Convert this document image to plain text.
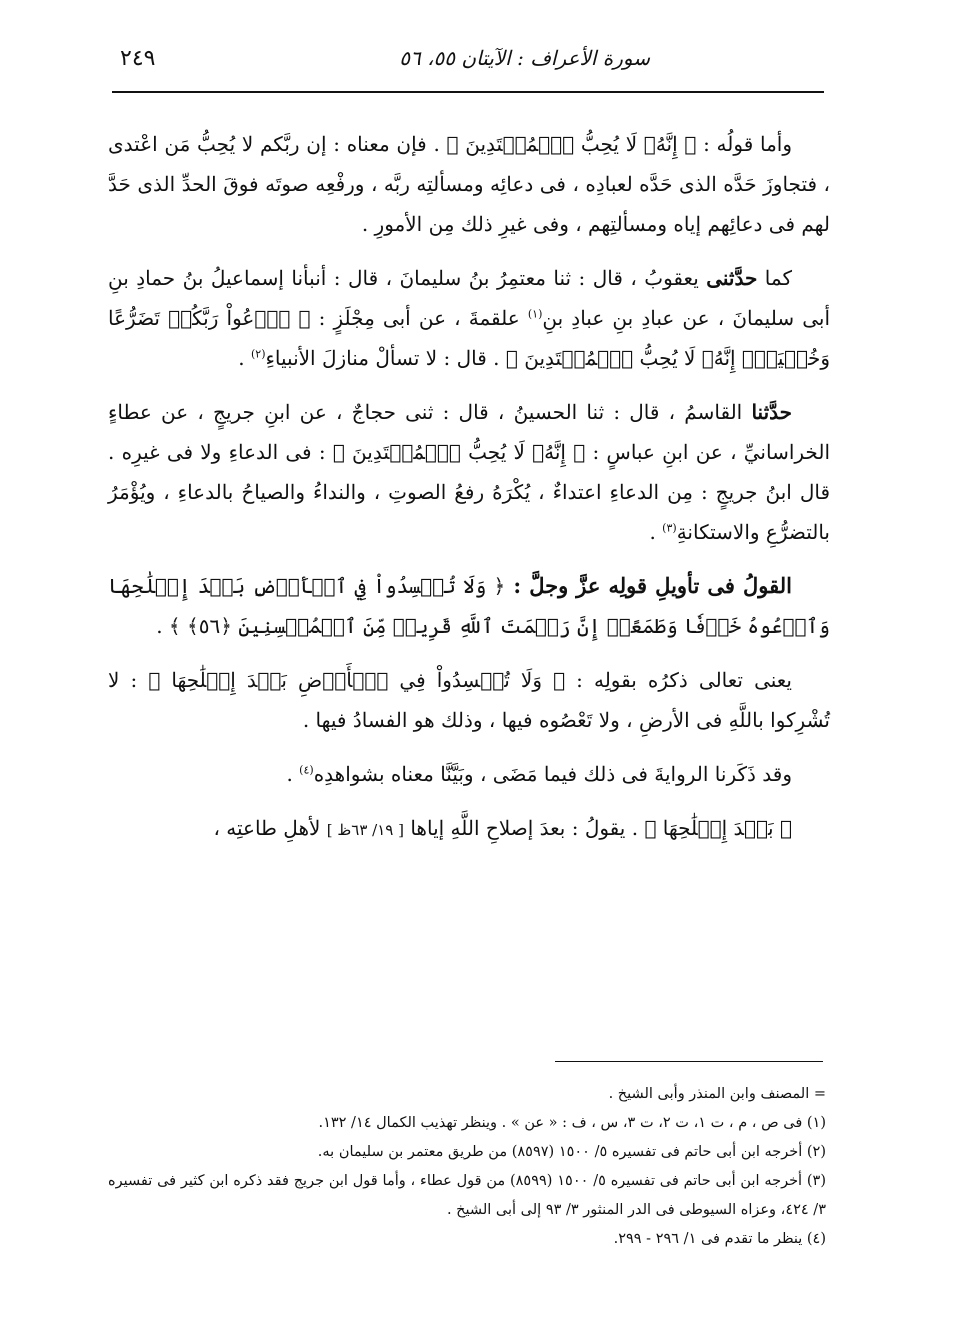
٢٤٩	سورة الأعراف : الآيتان ٥٥، ٥٦

وأما قولُه : ﴿ إِنَّهُۥ لَا يُحِبُّ ٱلۡمُعۡتَدِينَ ﴾ . فإن معناه : إن ربَّكم لا يُحِبُّ مَن اعْتدى ، فتجاوزَ حَدَّه الذى حَدَّه لعبادِه ، فى دعائِه ومسألتِه ربَّه ، ورفْعِه صوتَه فوقَ الحدِّ الذى حَدَّ لهم فى دعائِهم إياه ومسألتِهم ، وفى غيرِ ذلك مِن الأمورِ .

كما حدَّثنى يعقوبُ ، قال : ثنا معتمِرُ بنُ سليمانَ ، قال : أنبأنا إسماعيلُ بنُ حمادِ بنِ أبى سليمانَ ، عن عبادِ بنِ عبادِ بنِ$^{(١)}$ علقمةَ ، عن أبى مِجْلَزٍ : ﴿ ٱدۡعُواْ رَبَّكُمۡ تَضَرُّعًا وَخُفۡيَةًۚ إِنَّهُۥ لَا يُحِبُّ ٱلۡمُعۡتَدِينَ ﴾ . قال : لا تسألْ منازلَ الأنبياءِ$^{(٢)}$ .

حدَّثنا القاسمُ ، قال : ثنا الحسينُ ، قال : ثنى حجاجٌ ، عن ابنِ جريجٍ ، عن عطاءٍ الخراسانيِّ ، عن ابنِ عباسٍ : ﴿ إِنَّهُۥ لَا يُحِبُّ ٱلۡمُعۡتَدِينَ ﴾ : فى الدعاءِ ولا فى غيرِه . قال ابنُ جريجٍ : مِن الدعاءِ اعتداءٌ ، يُكْرَهُ رفعُ الصوتِ ، والنداءُ والصياحُ بالدعاءِ ، ويُؤْمَرُ بالتضرُّعِ والاستكانةِ$^{(٣)}$ .

القولُ فى تأويلِ قولِه عزَّ وجلَّ : ﴿ وَلَا تُفۡسِدُواْ فِي ٱلۡأَرۡضِ بَعۡدَ إِصۡلَٰحِهَا وَٱدۡعُوهُ خَوۡفٗا وَطَمَعًاۚ إِنَّ رَحۡمَتَ ٱللَّهِ قَرِيبٞ مِّنَ ٱلۡمُحۡسِنِينَ ﴿٥٦﴾ ﴾ .

يعنى تعالى ذكرُه بقولِه : ﴿ وَلَا تُفۡسِدُواْ فِي ٱلۡأَرۡضِ بَعۡدَ إِصۡلَٰحِهَا ﴾ : لا تُشْرِكوا باللَّهِ فى الأرضِ ، ولا تَعْصُوه فيها ، وذلك هو الفسادُ فيها .

وقد ذَكَرنا الروايةَ فى ذلك فيما مَضَى ، وبَيَّنَّا معناه بشواهدِه$^{(٤)}$ .

﴿ بَعۡدَ إِصۡلَٰحِهَا ﴾ . يقولُ : بعدَ إصلاحِ اللَّهِ إياها [ ١٩/ ٦٣ظ ] لأهلِ طاعتِه ،

= المصنف وابن المنذر وأبى الشيخ .

(١) فى ص ، م ، ت ١، ت ٢، ت ٣، س ، ف : « عن » . وينظر تهذيب الكمال ١٤/ ١٣٢.

(٢) أخرجه ابن أبى حاتم فى تفسيره ٥/ ١٥٠٠ (٨٥٩٧) من طريق معتمر بن سليمان به.

(٣) أخرجه ابن أبى حاتم فى تفسيره ٥/ ١٥٠٠ (٨٥٩٩) من قول عطاء ، وأما قول ابن جريج فقد ذكره ابن كثير فى تفسيره ٣/ ٤٢٤، وعزاه السيوطى فى الدر المنثور ٣/ ٩٣ إلى أبى الشيخ .

(٤) ينظر ما تقدم فى ١/ ٢٩٦ - ٢٩٩.
